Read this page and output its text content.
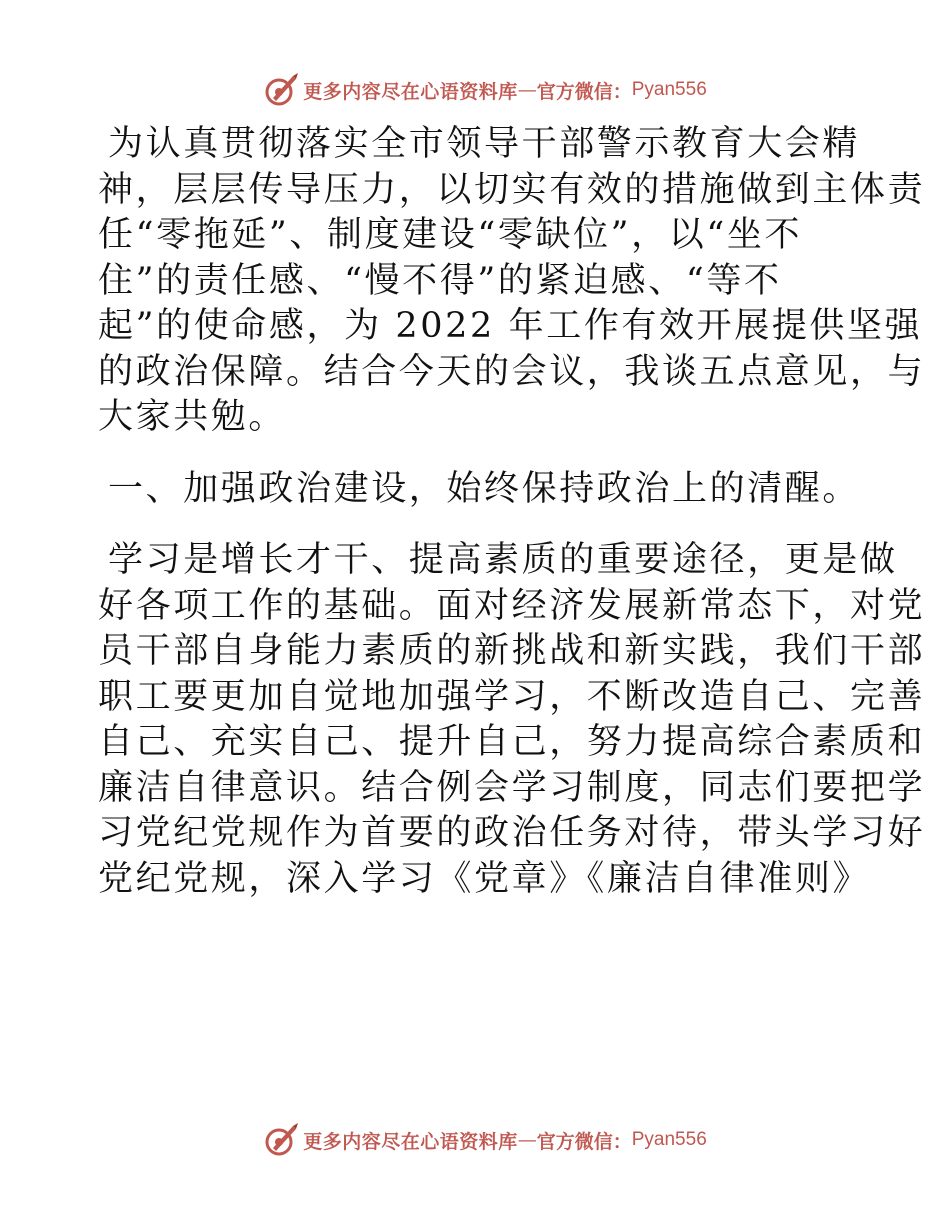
更多内容尽在心语资料库 — 官方微信： Pyan556
为认真贯彻落实全市领导干部警示教育大会精
神，层层传导压力，以切实有效的措施做到主体责
任“零拖延”、制度建设“零缺位”，以“坐不
住”的责任感、“慢不得”的紧迫感、“等不
起”的使命感，为 2022 年工作有效开展提供坚强
的政治保障。结合今天的会议，我谈五点意见，与
大家共勉。
一、加强政治建设，始终保持政治上的清醒。
学习是增长才干、提高素质的重要途径，更是做
好各项工作的基础。面对经济发展新常态下，对党
员干部自身能力素质的新挑战和新实践，我们干部
职工要更加自觉地加强学习，不断改造自己、完善
自己、充实自己、提升自己，努力提高综合素质和
廉洁自律意识。结合例会学习制度，同志们要把学
习党纪党规作为首要的政治任务对待，带头学习好
党纪党规，深入学习《党章》《廉洁自律准则》
更多内容尽在心语资料库 — 官方微信： Pyan556
